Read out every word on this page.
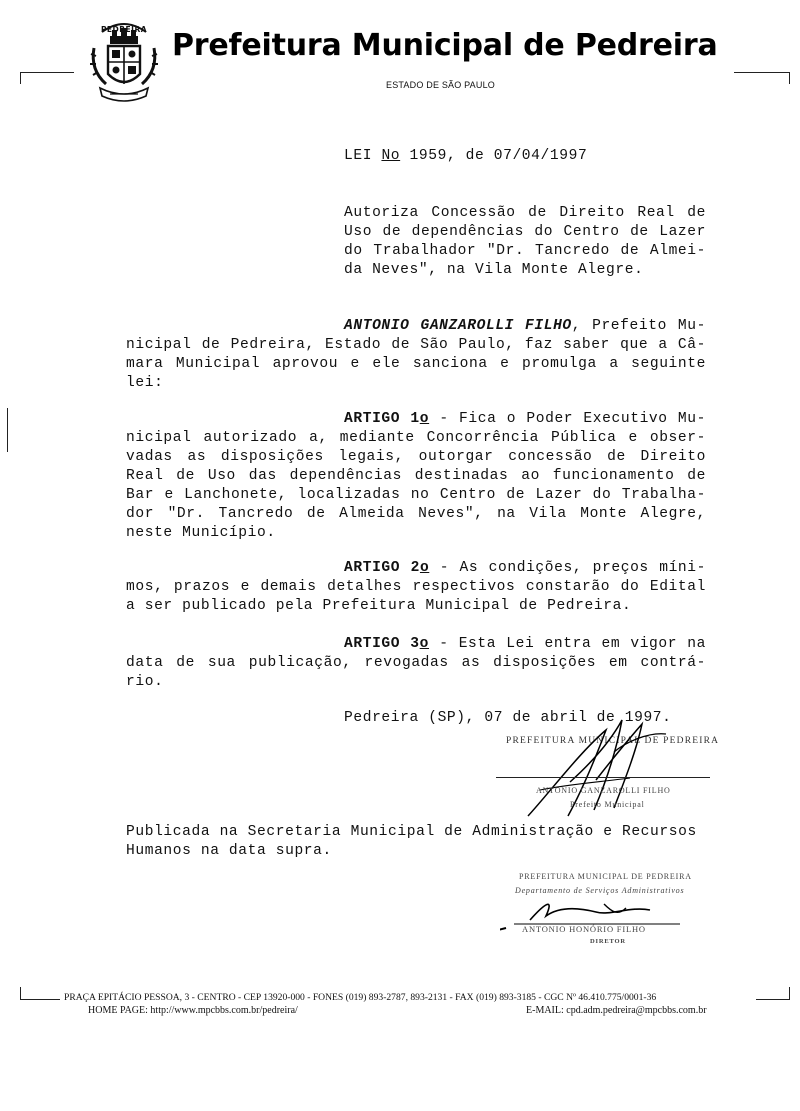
PEDREIRA Prefeitura Municipal de Pedreira
ESTADO DE SÃO PAULO
LEI No 1959, de 07/04/1997
Autoriza Concessão de Direito Real de
Uso de dependências do Centro de Lazer
do Trabalhador "Dr. Tancredo de Almei-
da Neves", na Vila Monte Alegre.
ANTONIO GANZAROLLI FILHO, Prefeito Mu-
nicipal de Pedreira, Estado de São Paulo, faz saber que a Câ-
mara Municipal aprovou e ele sanciona e promulga a seguinte
lei:
ARTIGO 1o - Fica o Poder Executivo Mu-
nicipal autorizado a, mediante Concorrência Pública e obser-
vadas as disposições legais, outorgar concessão de Direito
Real de Uso das dependências destinadas ao funcionamento de
Bar e Lanchonete, localizadas no Centro de Lazer do Trabalha-
dor "Dr. Tancredo de Almeida Neves", na Vila Monte Alegre,
neste Município.
ARTIGO 2o - As condições, preços míni-
mos, prazos e demais detalhes respectivos constarão do Edital
a ser publicado pela Prefeitura Municipal de Pedreira.
ARTIGO 3o - Esta Lei entra em vigor na
data de sua publicação, revogadas as disposições em contrá-
rio.
Pedreira (SP), 07 de abril de 1997.
PREFEITURA MUNICIPAL DE PEDREIRA
ANTONIO GANZAROLLI FILHO
Prefeito Municipal
Publicada na Secretaria Municipal de Administração e Recursos
Humanos na data supra.
PREFEITURA MUNICIPAL DE PEDREIRA
Departamento de Serviços Administrativos
ANTONIO HONÓRIO FILHO
DIRETOR
PRAÇA EPITÁCIO PESSOA, 3 - CENTRO - CEP 13920-000 - FONES (019) 893-2787, 893-2131 - FAX (019) 893-3185 - CGC Nº 46.410.775/0001-36
HOME PAGE: http://www.mpcbbs.com.br/pedreira/	E-MAIL: cpd.adm.pedreira@mpcbbs.com.br
